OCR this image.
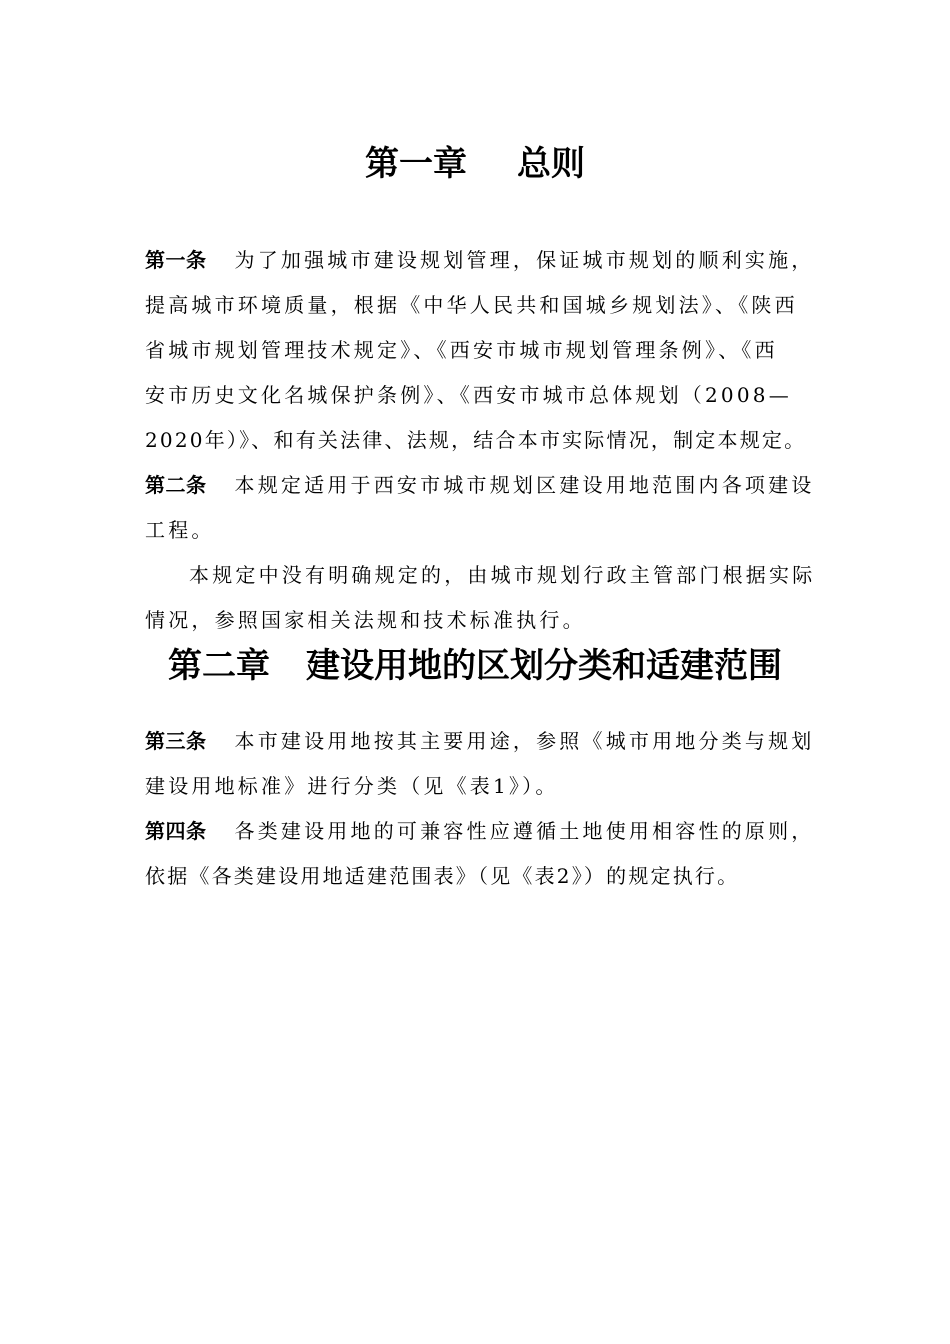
第一章 总则
第一条 为了加强城市建设规划管理，保证城市规划的顺利实施，
提高城市环境质量，根据《中华人民共和国城乡规划法》、《陕西
省城市规划管理技术规定》、《西安市城市规划管理条例》、《西
安市历史文化名城保护条例》、《西安市城市总体规划（2008—
2020年）》、和有关法律、法规，结合本市实际情况，制定本规定。
第二条 本规定适用于西安市城市规划区建设用地范围内各项建设
工程。
本规定中没有明确规定的，由城市规划行政主管部门根据实际
情况，参照国家相关法规和技术标准执行。
第二章 建设用地的区划分类和适建范围
第三条 本市建设用地按其主要用途，参照《城市用地分类与规划
建设用地标准》进行分类（见《表1》）。
第四条 各类建设用地的可兼容性应遵循土地使用相容性的原则，
依据《各类建设用地适建范围表》（见《表2》）的规定执行。
